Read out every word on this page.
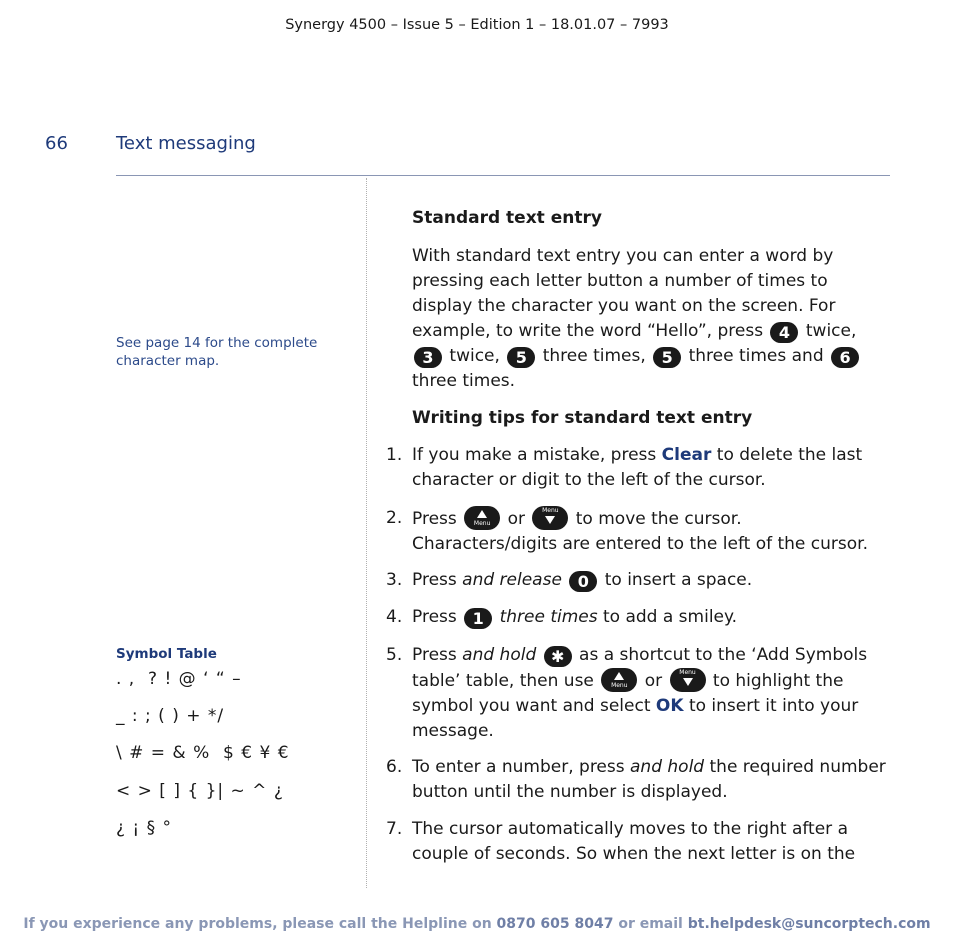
Synergy 4500 – Issue 5 – Edition 1 – 18.01.07 – 7993
66	Text messaging
See page 14 for the complete character map.
Symbol Table
. ,  ? ! @ ‘ “ –
_ : ; ( ) + */
\ # = & %  $ € ¥ €
< > [ ] { }| ~ ^ ¿
¿ ¡ § °
Standard text entry
With standard text entry you can enter a word by pressing each letter button a number of times to display the character you want on the screen. For example, to write the word “Hello”, press 4 twice, 3 twice, 5 three times, 5 three times and 6 three times.
Writing tips for standard text entry
1. If you make a mistake, press Clear to delete the last character or digit to the left of the cursor.
2. Press	Menu	or	Menu	to move the cursor. Characters/digits are entered to the left of the cursor.
3. Press and release 0 to insert a space.
4. Press 1 three times to add a smiley.
5. Press and hold ✱ as a shortcut to the ‘Add Symbols table’ table, then use	Menu	or	Menu	to highlight the symbol you want and select OK to insert it into your message.
6. To enter a number, press and hold the required number button until the number is displayed.
7. The cursor automatically moves to the right after a couple of seconds. So when the next letter is on the
If you experience any problems, please call the Helpline on 0870 605 8047 or email bt.helpdesk@suncorptech.com
